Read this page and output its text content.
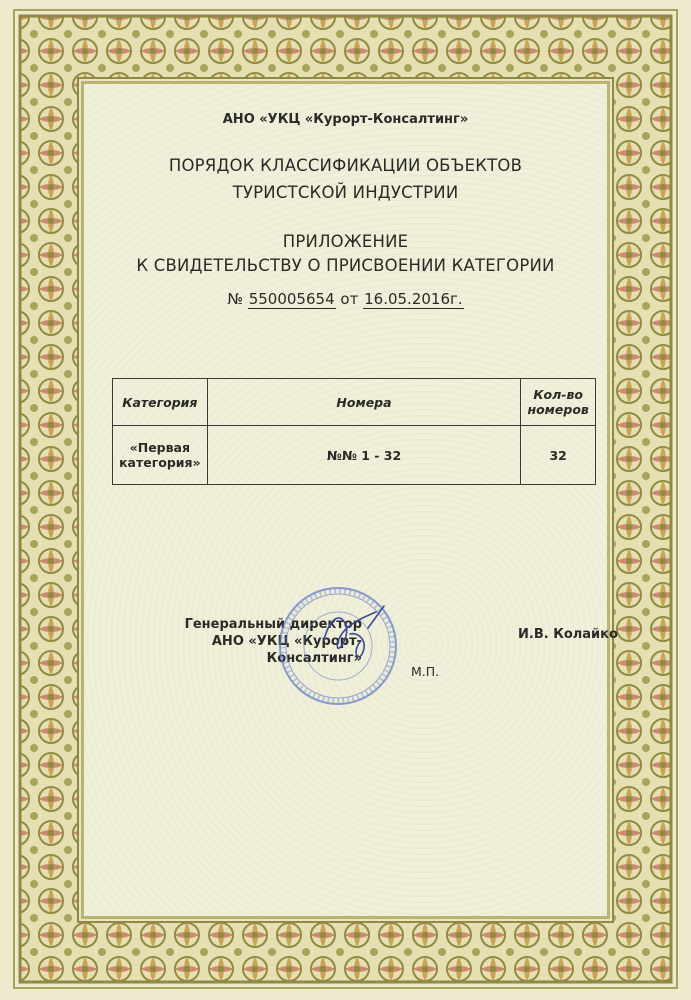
АНО «УКЦ «Курорт-Консалтинг»
ПОРЯДОК КЛАССИФИКАЦИИ ОБЪЕКТОВ
ТУРИСТСКОЙ ИНДУСТРИИ
ПРИЛОЖЕНИЕ
К СВИДЕТЕЛЬСТВУ О ПРИСВОЕНИИ КАТЕГОРИИ
№ 550005654 от 16.05.2016г.
Категория	Номера	Кол-во номеров
«Первая категория»	№№ 1 - 32	32
Генеральный директор
АНО «УКЦ «Курорт-Консалтинг»
И.В. Колайко
М.П.
